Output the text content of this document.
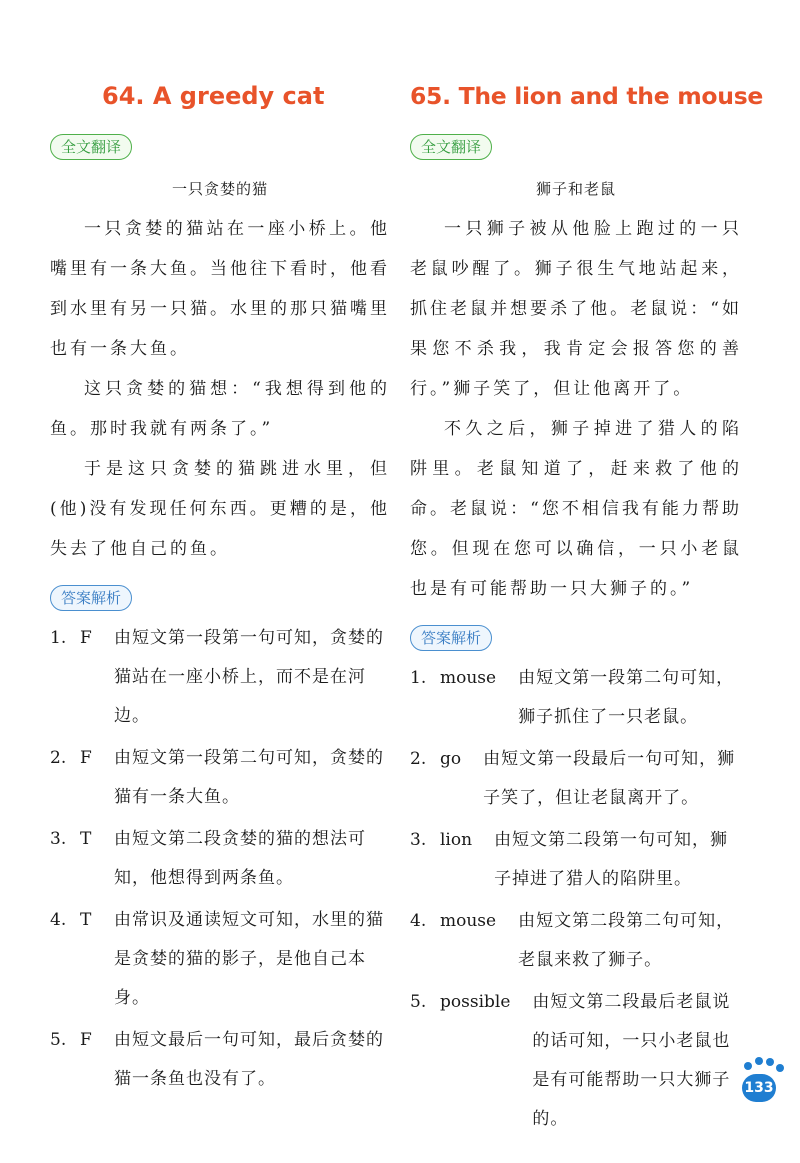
+ + + + + + + + + + + + + + + + + + +
+
+
+
+
+
+
+
+
+
+
+
+
+
+
+
+
+	+	+	+	+	+
64. A greedy cat
全文翻译
一只贪婪的猫

一只贪婪的猫站在一座小桥上。他嘴里有一条大鱼。当他往下看时，他看到水里有另一只猫。水里的那只猫嘴里也有一条大鱼。

这只贪婪的猫想：“我想得到他的鱼。那时我就有两条了。”

于是这只贪婪的猫跳进水里，但(他)没有发现任何东西。更糟的是，他失去了他自己的鱼。

答案解析
1. F	由短文第一段第一句可知，贪婪的猫站在一座小桥上，而不是在河边。
2. F	由短文第一段第二句可知，贪婪的猫有一条大鱼。
3. T	由短文第二段贪婪的猫的想法可知，他想得到两条鱼。
4. T	由常识及通读短文可知，水里的猫是贪婪的猫的影子，是他自己本身。
5. F	由短文最后一句可知，最后贪婪的猫一条鱼也没有了。
65. The lion and the mouse
全文翻译
狮子和老鼠

一只狮子被从他脸上跑过的一只老鼠吵醒了。狮子很生气地站起来，抓住老鼠并想要杀了他。老鼠说：“如果您不杀我，我肯定会报答您的善行。”狮子笑了，但让他离开了。

不久之后，狮子掉进了猎人的陷阱里。老鼠知道了，赶来救了他的命。老鼠说：“您不相信我有能力帮助您。但现在您可以确信，一只小老鼠也是有可能帮助一只大狮子的。”

答案解析
1. mouse	由短文第一段第二句可知，狮子抓住了一只老鼠。
2. go	由短文第一段最后一句可知，狮子笑了，但让老鼠离开了。
3. lion	由短文第二段第一句可知，狮子掉进了猎人的陷阱里。
4. mouse	由短文第二段第二句可知，老鼠来救了狮子。
5. possible	由短文第二段最后老鼠说的话可知，一只小老鼠也是有可能帮助一只大狮子的。
133
